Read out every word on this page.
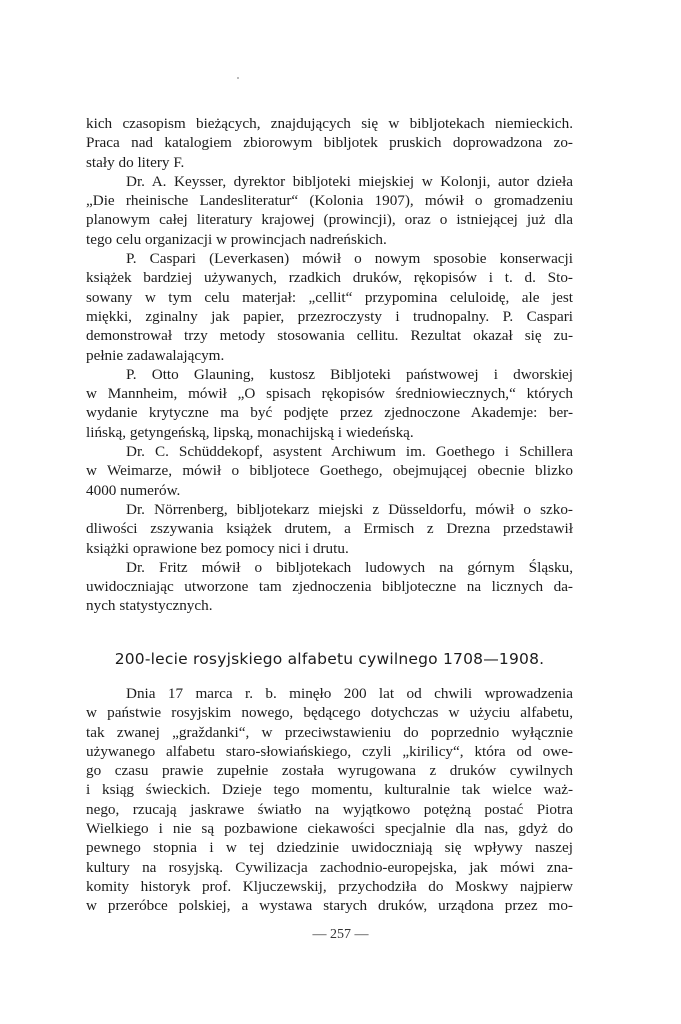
kich czasopism bieżących, znajdujących się w bibljotekach niemieckich.
Praca nad katalogiem zbiorowym bibljotek pruskich doprowadzona zo-
stały do litery F.
Dr. A. Keysser, dyrektor bibljoteki miejskiej w Kolonji, autor dzieła
„Die rheinische Landesliteratur“ (Kolonia 1907), mówił o gromadzeniu
planowym całej literatury krajowej (prowincji), oraz o istniejącej już dla
tego celu organizacji w prowincjach nadreńskich.
P. Caspari (Leverkasen) mówił o nowym sposobie konserwacji
książek bardziej używanych, rzadkich druków, rękopisów i t. d. Sto-
sowany w tym celu materjał: „cellit“ przypomina celuloidę, ale jest
miękki, zginalny jak papier, przezroczysty i trudnopalny. P. Caspari
demonstrował trzy metody stosowania cellitu. Rezultat okazał się zu-
pełnie zadawalającym.
P. Otto Glauning, kustosz Bibljoteki państwowej i dworskiej
w Mannheim, mówił „O spisach rękopisów średniowiecznych,“ których
wydanie krytyczne ma być podjęte przez zjednoczone Akademje: ber-
lińską, getyngeńską, lipską, monachijską i wiedeńską.
Dr. C. Schüddekopf, asystent Archiwum im. Goethego i Schillera
w Weimarze, mówił o bibljotece Goethego, obejmującej obecnie blizko
4000 numerów.
Dr. Nörrenberg, bibljotekarz miejski z Düsseldorfu, mówił o szko-
dliwości zszywania książek drutem, a Ermisch z Drezna przedstawił
książki oprawione bez pomocy nici i drutu.
Dr. Fritz mówił o bibljotekach ludowych na górnym Śląsku,
uwidoczniając utworzone tam zjednoczenia bibljoteczne na licznych da-
nych statystycznych.
200-lecie rosyjskiego alfabetu cywilnego 1708—1908.
Dnia 17 marca r. b. minęło 200 lat od chwili wprowadzenia
w państwie rosyjskim nowego, będącego dotychczas w użyciu alfabetu,
tak zwanej „graždanki“, w przeciwstawieniu do poprzednio wyłącznie
używanego alfabetu staro-słowiańskiego, czyli „kirilicy“, która od owe-
go czasu prawie zupełnie została wyrugowana z druków cywilnych
i ksiąg świeckich. Dzieje tego momentu, kulturalnie tak wielce waż-
nego, rzucają jaskrawe światło na wyjątkowo potężną postać Piotra
Wielkiego i nie są pozbawione ciekawości specjalnie dla nas, gdyż do
pewnego stopnia i w tej dziedzinie uwidoczniają się wpływy naszej
kultury na rosyjską. Cywilizacja zachodnio-europejska, jak mówi zna-
komity historyk prof. Kljuczewskij, przychodziła do Moskwy najpierw
w przeróbce polskiej, a wystawa starych druków, urządona przez mo-
— 257 —
